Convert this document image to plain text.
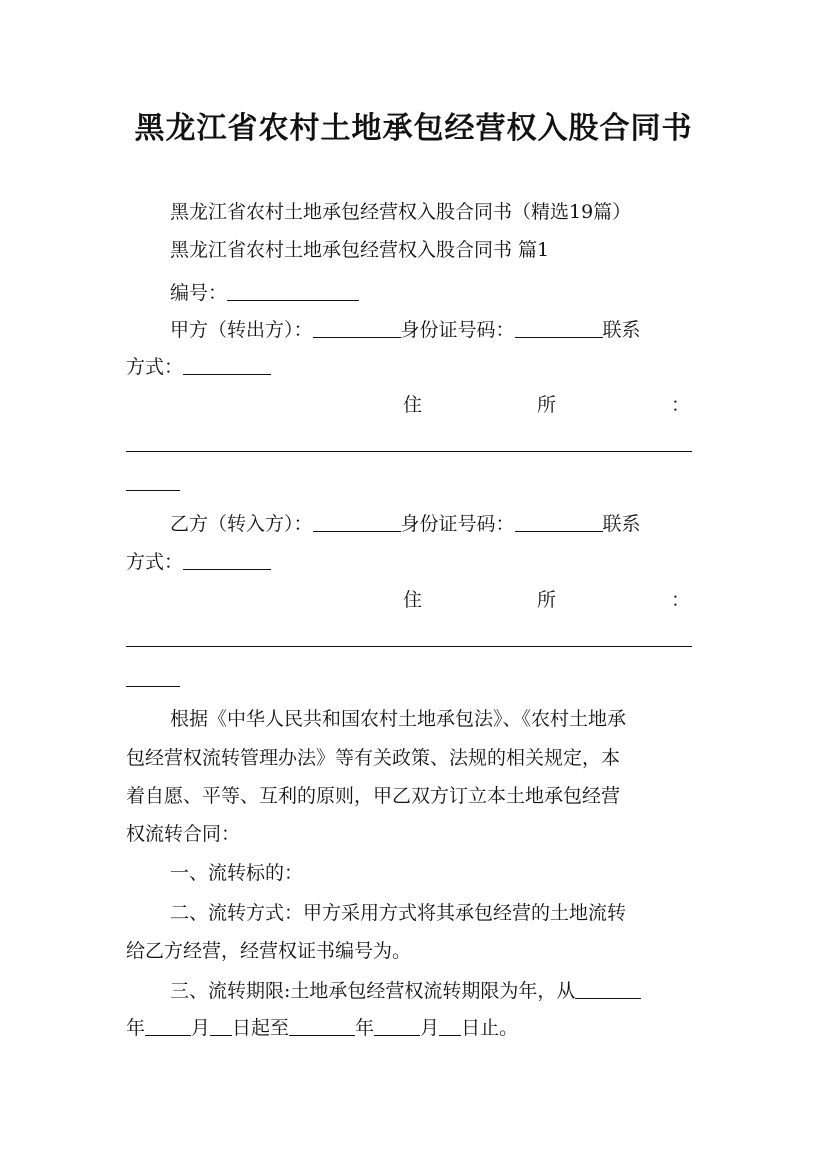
黑龙江省农村土地承包经营权入股合同书
黑龙江省农村土地承包经营权入股合同书（精选19篇）
黑龙江省农村土地承包经营权入股合同书 篇1
编号：
甲方（转出方）：	身份证号码：	联系
方式：
住	所	：
乙方（转入方）：	身份证号码：	联系
方式：
住	所	：
根据《中华人民共和国农村土地承包法》、《农村土地承
包经营权流转管理办法》等有关政策、法规的相关规定，本
着自愿、平等、互利的原则，甲乙双方订立本土地承包经营
权流转合同：
一、流转标的：
二、流转方式：甲方采用方式将其承包经营的土地流转
给乙方经营，经营权证书编号为。
三、流转期限:土地承包经营权流转期限为年，从
年 月 日起至	年 月 日止。
